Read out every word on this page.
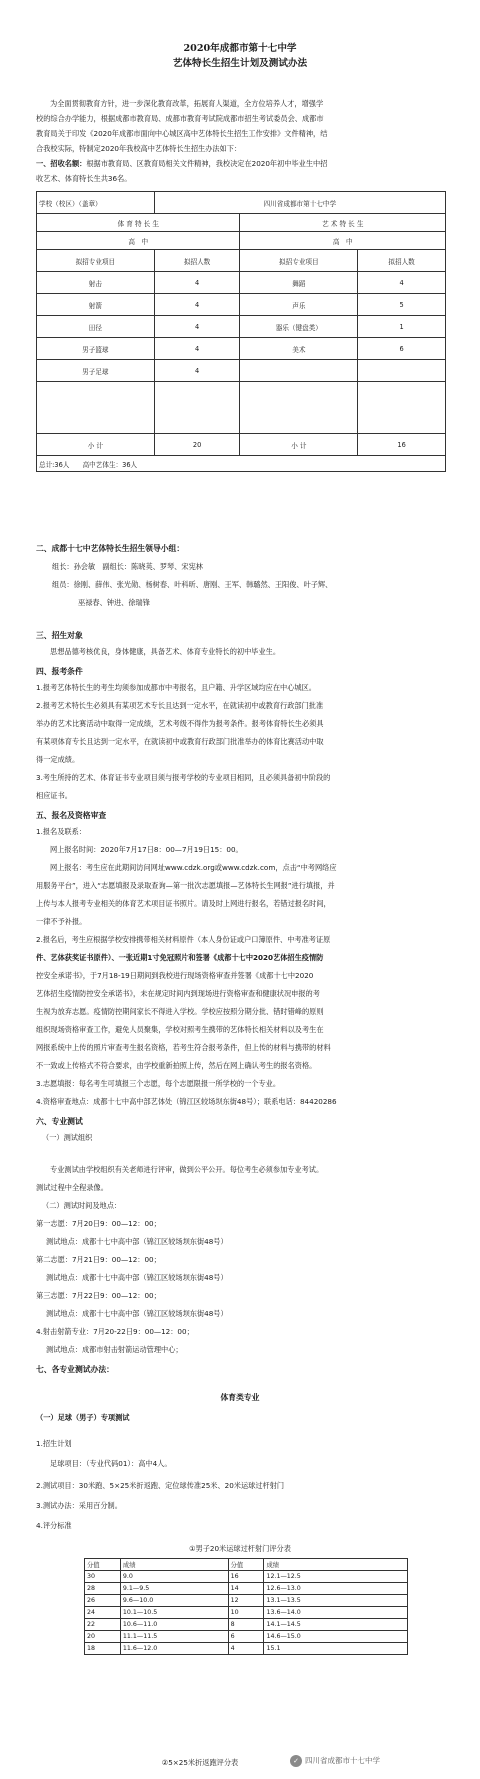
2020年成都市第十七中学
艺体特长生招生计划及测试办法
为全面贯彻教育方针，进一步深化教育改革，拓展育人渠道，全方位培养人才，增强学
校的综合办学能力，根据成都市教育局、成都市教育考试院成都市招生考试委员会、成都市
教育局关于印发《2020年成都市面向中心城区高中艺体特长生招生工作安排》文件精神，结
合我校实际，特制定2020年我校高中艺体特长生招生办法如下：
一、招收名额：根据市教育局、区教育局相关文件精神，我校决定在2020年初中毕业生中招
收艺术、体育特长生共36名。
学校（校区）（盖章）	四川省成都市第十七中学		
体 育 特 长 生		艺 术 特 长 生	
高　中		高　中	
拟招专业项目	拟招人数	拟招专业项目	拟招人数
射击	4	舞蹈	4
射箭	4	声乐	5
田径	4	器乐（键盘类）	1
男子篮球	4	美术	6
男子足球	4		

小 计	20	小 计	16
总计:36人　　高中艺体生：36人			
二、成都十七中艺体特长生招生领导小组：
组长：孙会敏　副组长：陈晓英、罗琴、宋宪林
组员：徐刚、薛伟、张光勋、杨树春、叶科昕、唐刚、王军、韩璐然、王阳俊、叶子辉、
巫禄春、钟进、徐瑞锋
三、招生对象
思想品德考核优良，身体健康，具备艺术、体育专业特长的初中毕业生。
四、报考条件
1.报考艺体特长生的考生均须参加成都市中考报名，且户籍、升学区域均应在中心城区。
2.报考艺术特长生必须具有某项艺术专长且达到一定水平，在就读初中或教育行政部门批准
举办的艺术比赛活动中取得一定成绩，艺术考级不得作为报考条件。报考体育特长生必须具
有某项体育专长且达到一定水平，在就读初中或教育行政部门批准举办的体育比赛活动中取
得一定成绩。
3.考生所持的艺术、体育证书专业项目须与报考学校的专业项目相同，且必须具备初中阶段的
相应证书。
五、报名及资格审查
1.报名及联系：
网上报名时间：2020年7月17日8：00—7月19日15：00。
网上报名：考生应在此期间访问网址www.cdzk.org或www.cdzk.com，点击“中考网络应
用服务平台”，进入“志愿填报及录取查询—第一批次志愿填报—艺体特长生网报”进行填报，并
上传与本人报考专业相关的体育艺术项目证书照片。请及时上网进行报名，若错过报名时间，
一律不予补报。
2.报名后，考生应根据学校安排携带相关材料原件（本人身份证或户口簿原件、中考准考证原
件、艺体获奖证书原件）、一张近期1寸免冠照片和签署《成都十七中2020艺体招生疫情防
控安全承诺书》，于7月18-19日期间到我校进行现场资格审查并签署《成都十七中2020
艺体招生疫情防控安全承诺书》，未在规定时间内到现场进行资格审查和健康状况申报的考
生视为放弃志愿。疫情防控期间家长不得进入学校。学校应按照分期分批、错时错峰的原则
组织现场资格审查工作，避免人员聚集，学校对照考生携带的艺体特长相关材料以及考生在
网报系统中上传的照片审查考生报名资格，若考生符合报考条件，但上传的材料与携带的材料
不一致或上传格式不符合要求，由学校重新拍照上传，然后在网上确认考生的报名资格。
3.志愿填报：每名考生可填报三个志愿，每个志愿限报一所学校的一个专业。
4.资格审查地点：成都十七中高中部艺体处（锦江区较场坝东街48号）；联系电话：84420286
六、专业测试
（一）测试组织
专业测试由学校组织有关老师进行评审，做到公平公开。每位考生必须参加专业考试。
测试过程中全程录像。
（二）测试时间及地点：
第一志愿：7月20日9：00—12：00；
测试地点：成都十七中高中部（锦江区较场坝东街48号）
第二志愿：7月21日9：00—12：00；
测试地点：成都十七中高中部（锦江区较场坝东街48号）
第三志愿：7月22日9：00—12：00；
测试地点：成都十七中高中部（锦江区较场坝东街48号）
4.射击射箭专业：7月20-22日9：00—12：00；
测试地点：成都市射击射箭运动管理中心；
七、各专业测试办法：
体育类专业
（一）足球（男子）专项测试
1.招生计划
足球项目：（专业代码01）：高中4人。
2.测试项目：30米跑、5×25米折返跑、定位球传准25米、20米运球过杆射门
3.测试办法：采用百分制。
4.评分标准
①男子20米运球过杆射门评分表
分值	成绩	分值	成绩
30	9.0	16	12.1—12.5
28	9.1—9.5	14	12.6—13.0
26	9.6—10.0	12	13.1—13.5
24	10.1—10.5	10	13.6—14.0
22	10.6—11.0	8	14.1—14.5
20	11.1—11.5	6	14.6—15.0
18	11.6—12.0	4	15.1
②5×25米折返跑评分表	✓ 四川省成都市十七中学
